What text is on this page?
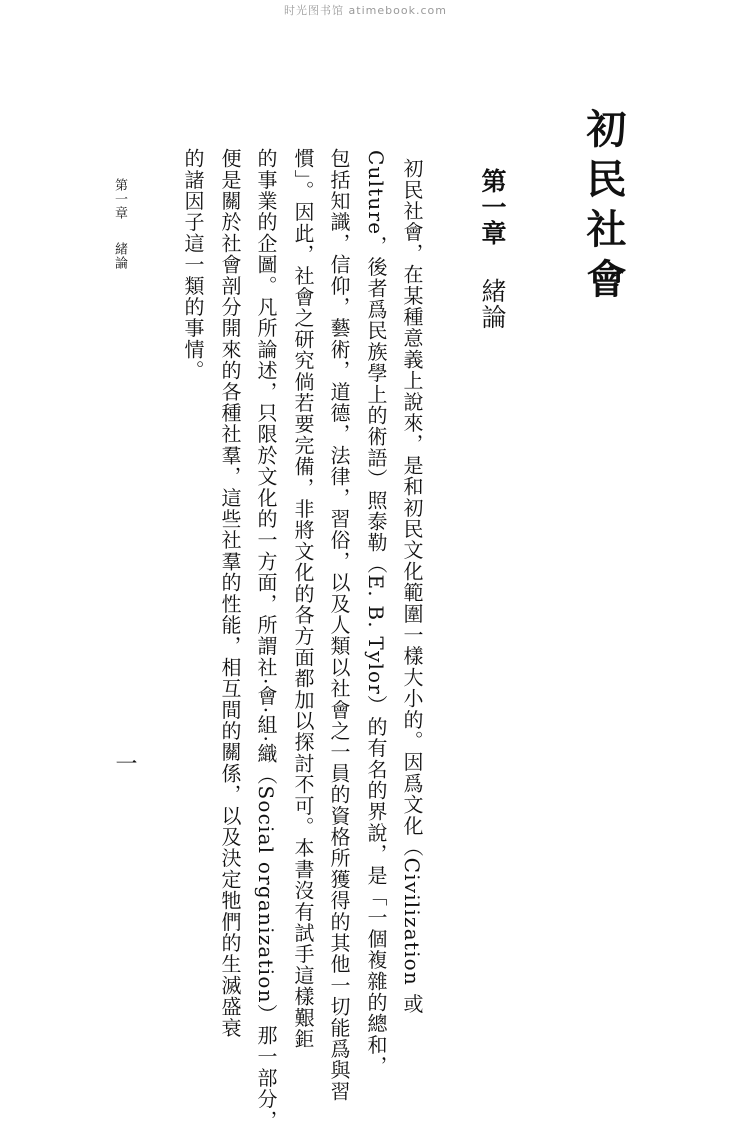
时光图书馆 atimebook.com
初民社會
第一章緒論
初民社會，在某種意義上說來，是和初民文化範圍一樣大小的。因爲文化（Civilization 或
Culture，後者爲民族學上的術語）照泰勒（E. B. Tylor）的有名的界說，是「一個複雜的總和，
包括知識，信仰，藝術，道德，法律，習俗，以及人類以社會之一員的資格所獲得的其他一切能爲與習
慣」。因此，社會之研究倘若要完備，非將文化的各方面都加以探討不可。本書沒有試手這樣艱鉅
的事業的企圖。凡所論述，只限於文化的一方面，所謂社·會·組·織（Social organization）那一部分，
便是關於社會剖分開來的各種社羣，這些社羣的性能，相互間的關係，以及決定牠們的生滅盛衰
的諸因子這一類的事情。
第一章緒論
一
